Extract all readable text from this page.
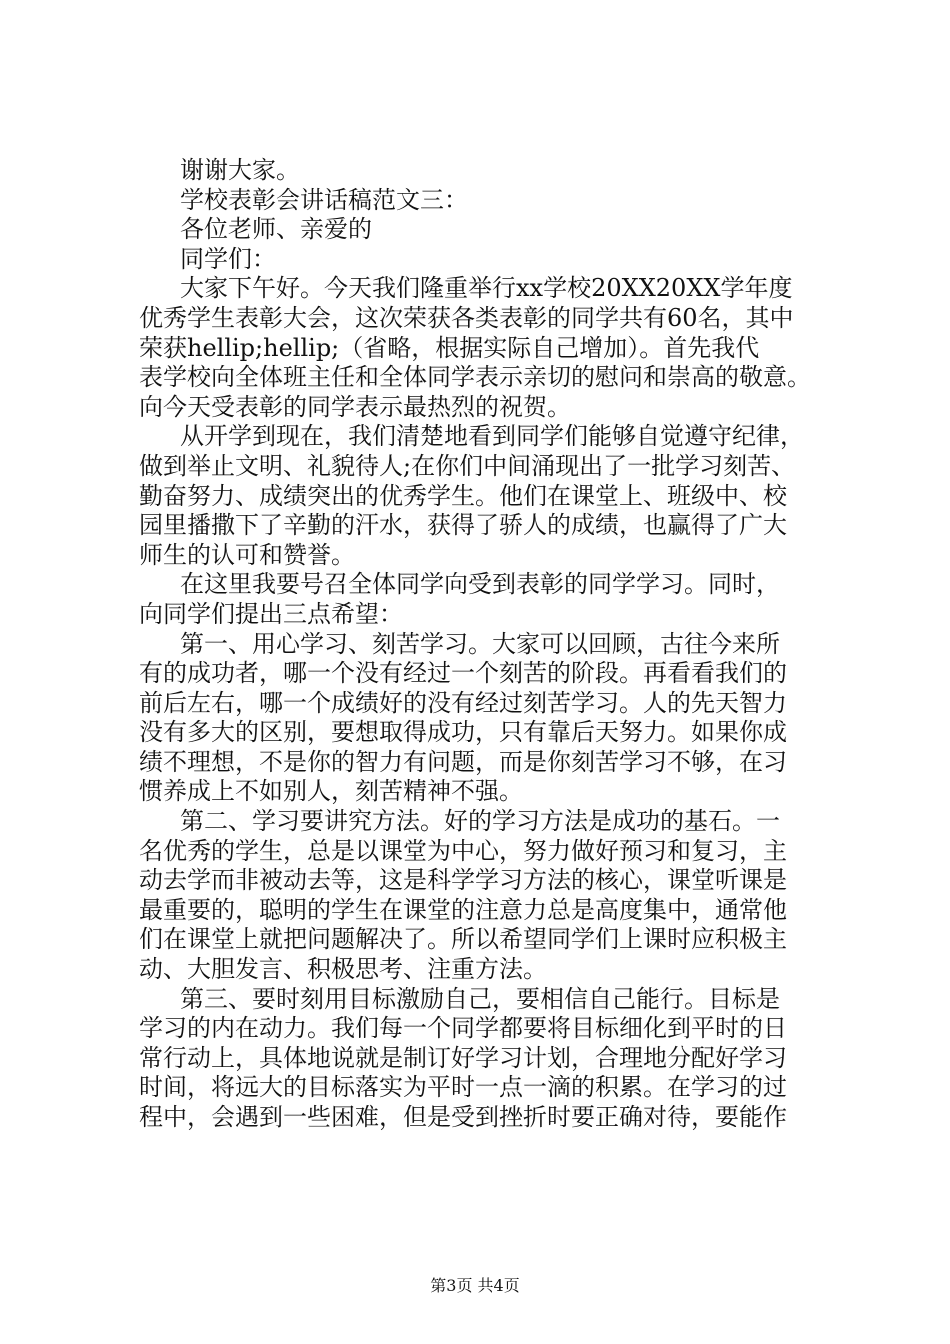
谢谢大家。
学校表彰会讲话稿范文三：
各位老师、亲爱的
同学们：
大家下午好。今天我们隆重举行xx学校20XX20XX学年度
优秀学生表彰大会，这次荣获各类表彰的同学共有60名，其中
荣获hellip;hellip;（省略，根据实际自己增加）。首先我代
表学校向全体班主任和全体同学表示亲切的慰问和崇高的敬意。
向今天受表彰的同学表示最热烈的祝贺。
从开学到现在，我们清楚地看到同学们能够自觉遵守纪律，
做到举止文明、礼貌待人;在你们中间涌现出了一批学习刻苦、
勤奋努力、成绩突出的优秀学生。他们在课堂上、班级中、校
园里播撒下了辛勤的汗水，获得了骄人的成绩，也赢得了广大
师生的认可和赞誉。
在这里我要号召全体同学向受到表彰的同学学习。同时，
向同学们提出三点希望：
第一、用心学习、刻苦学习。大家可以回顾，古往今来所
有的成功者，哪一个没有经过一个刻苦的阶段。再看看我们的
前后左右，哪一个成绩好的没有经过刻苦学习。人的先天智力
没有多大的区别，要想取得成功，只有靠后天努力。如果你成
绩不理想，不是你的智力有问题，而是你刻苦学习不够，在习
惯养成上不如别人，刻苦精神不强。
第二、学习要讲究方法。好的学习方法是成功的基石。一
名优秀的学生，总是以课堂为中心，努力做好预习和复习，主
动去学而非被动去等，这是科学学习方法的核心，课堂听课是
最重要的，聪明的学生在课堂的注意力总是高度集中，通常他
们在课堂上就把问题解决了。所以希望同学们上课时应积极主
动、大胆发言、积极思考、注重方法。
第三、要时刻用目标激励自己，要相信自己能行。目标是
学习的内在动力。我们每一个同学都要将目标细化到平时的日
常行动上，具体地说就是制订好学习计划，合理地分配好学习
时间，将远大的目标落实为平时一点一滴的积累。在学习的过
程中，会遇到一些困难，但是受到挫折时要正确对待，要能作
第3页 共4页
